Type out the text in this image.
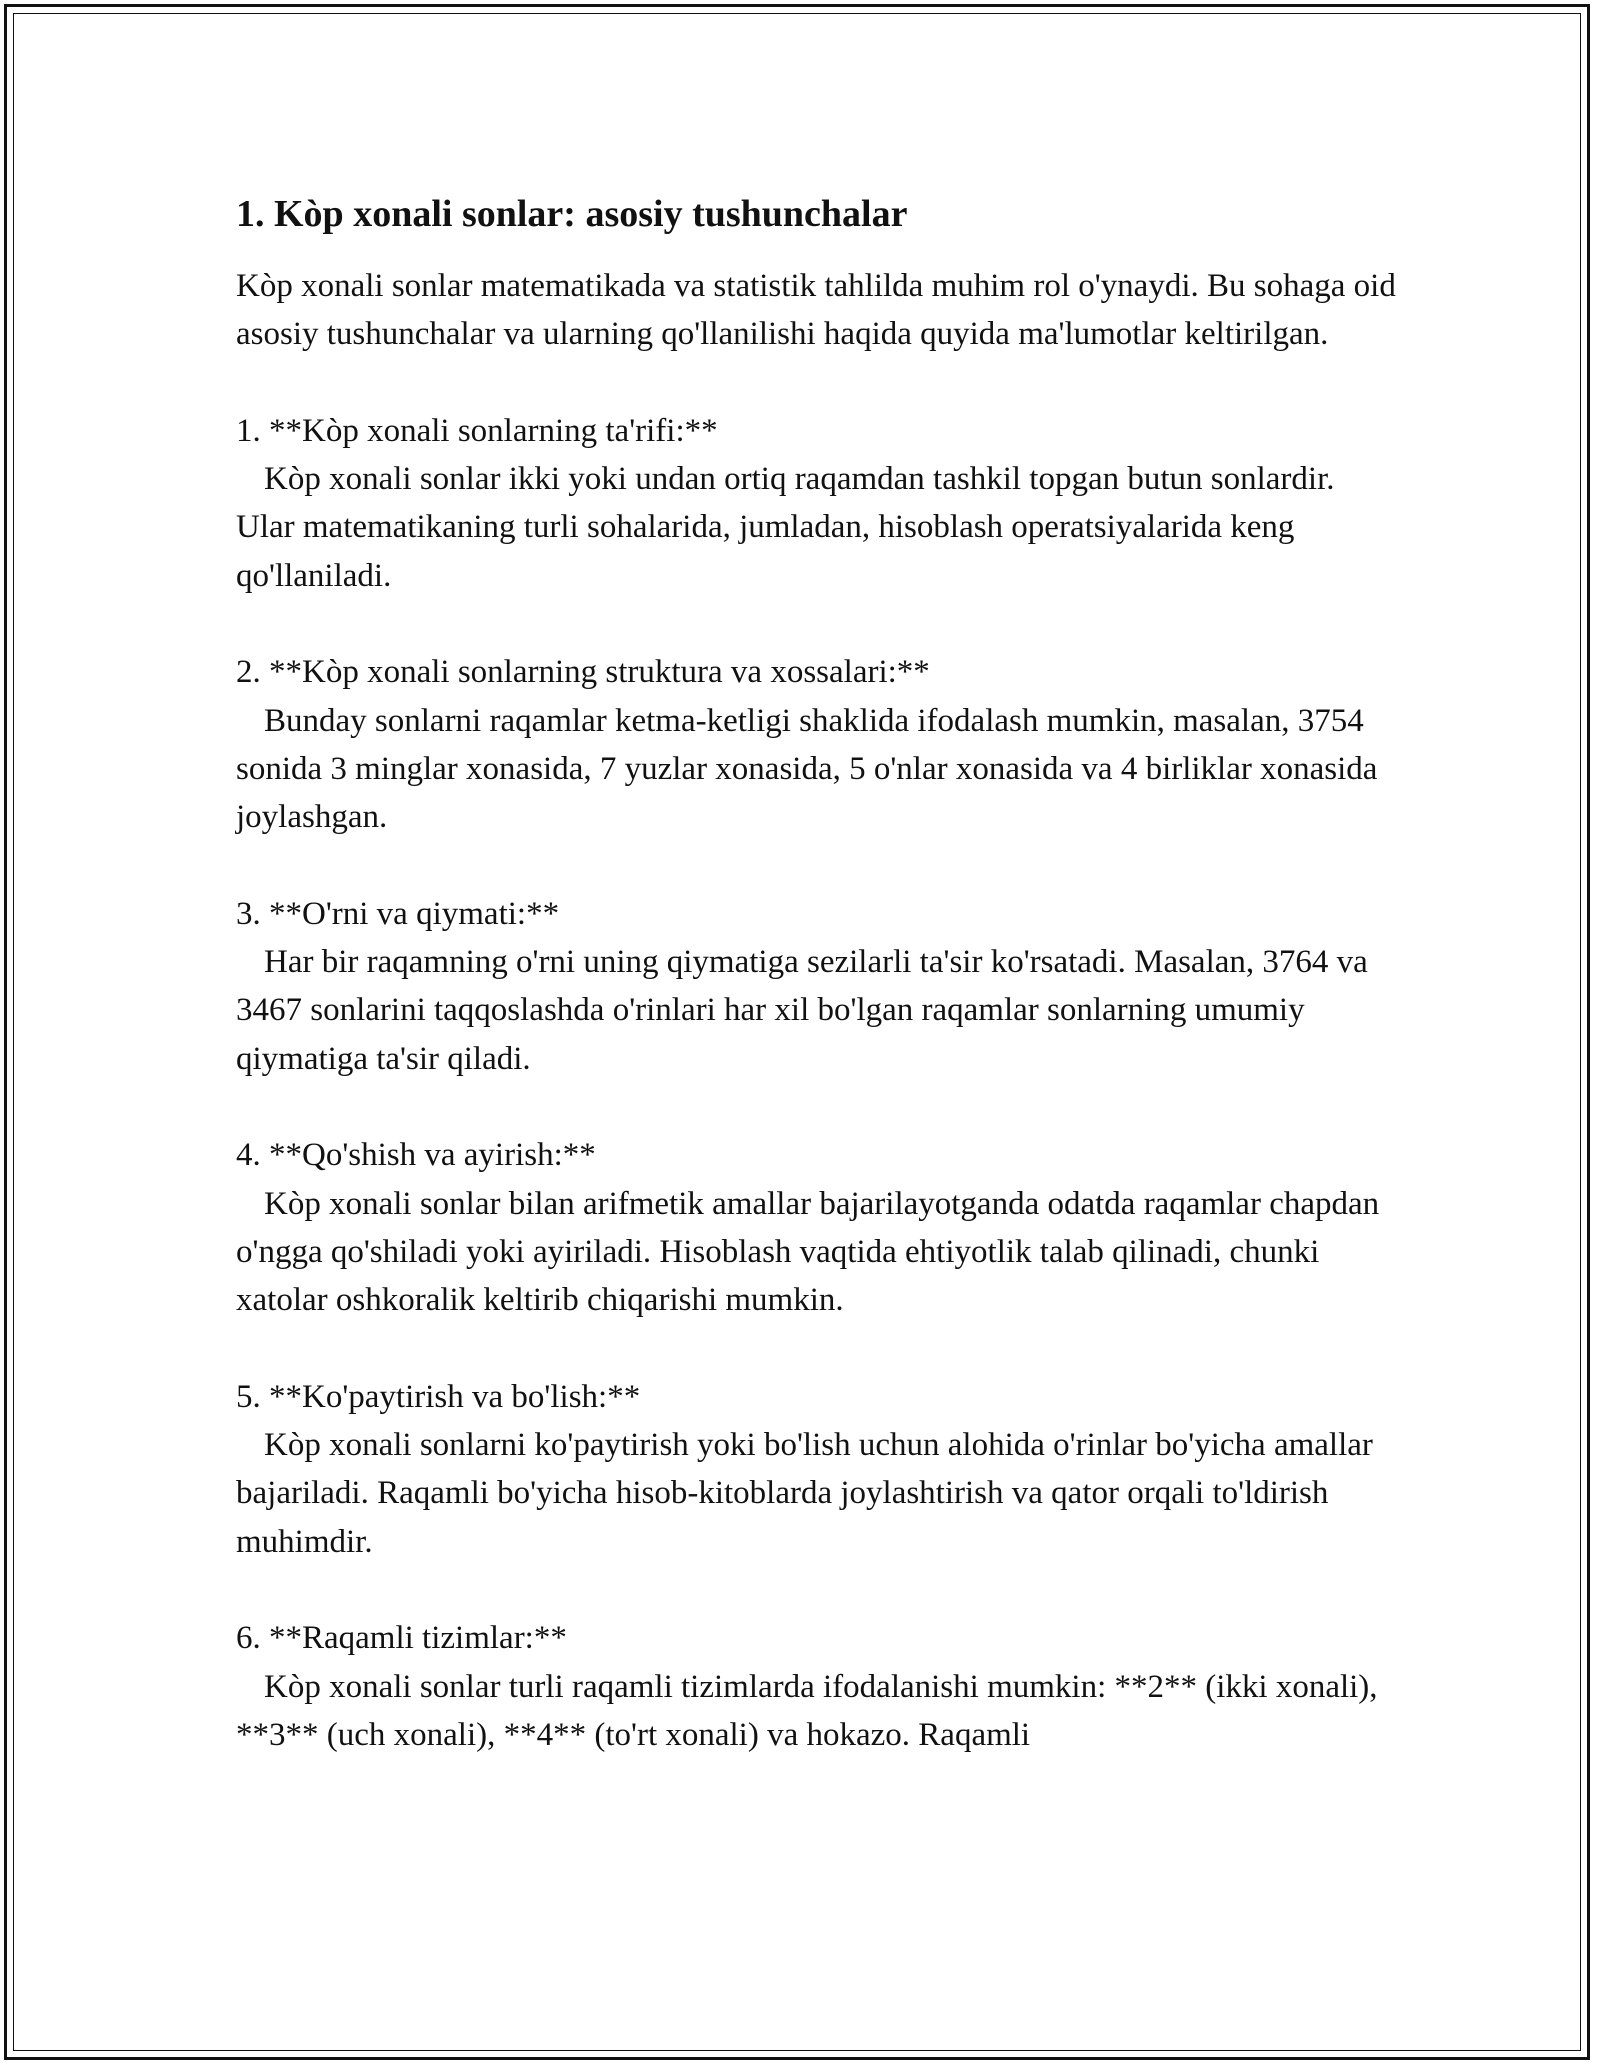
1. Kòp xonali sonlar: asosiy tushunchalar

Kòp xonali sonlar matematikada va statistik tahlilda muhim rol o'ynaydi. Bu sohaga oid asosiy tushunchalar va ularning qo'llanilishi haqida quyida ma'lumotlar keltirilgan.

1. **Kòp xonali sonlarning ta'rifi:**

Kòp xonali sonlar ikki yoki undan ortiq raqamdan tashkil topgan butun sonlardir. Ular matematikaning turli sohalarida, jumladan, hisoblash operatsiyalarida keng qo'llaniladi.

2. **Kòp xonali sonlarning struktura va xossalari:**

Bunday sonlarni raqamlar ketma-ketligi shaklida ifodalash mumkin, masalan, 3754 sonida 3 minglar xonasida, 7 yuzlar xonasida, 5 o'nlar xonasida va 4 birliklar xonasida joylashgan.

3. **O'rni va qiymati:**

Har bir raqamning o'rni uning qiymatiga sezilarli ta'sir ko'rsatadi. Masalan, 3764 va 3467 sonlarini taqqoslashda o'rinlari har xil bo'lgan raqamlar sonlarning umumiy qiymatiga ta'sir qiladi.

4. **Qo'shish va ayirish:**

Kòp xonali sonlar bilan arifmetik amallar bajarilayotganda odatda raqamlar chapdan o'ngga qo'shiladi yoki ayiriladi. Hisoblash vaqtida ehtiyotlik talab qilinadi, chunki xatolar oshkoralik keltirib chiqarishi mumkin.

5. **Ko'paytirish va bo'lish:**

Kòp xonali sonlarni ko'paytirish yoki bo'lish uchun alohida o'rinlar bo'yicha amallar bajariladi. Raqamli bo'yicha hisob-kitoblarda joylashtirish va qator orqali to'ldirish muhimdir.

6. **Raqamli tizimlar:**

Kòp xonali sonlar turli raqamli tizimlarda ifodalanishi mumkin: **2** (ikki xonali), **3** (uch xonali), **4** (to'rt xonali) va hokazo. Raqamli
